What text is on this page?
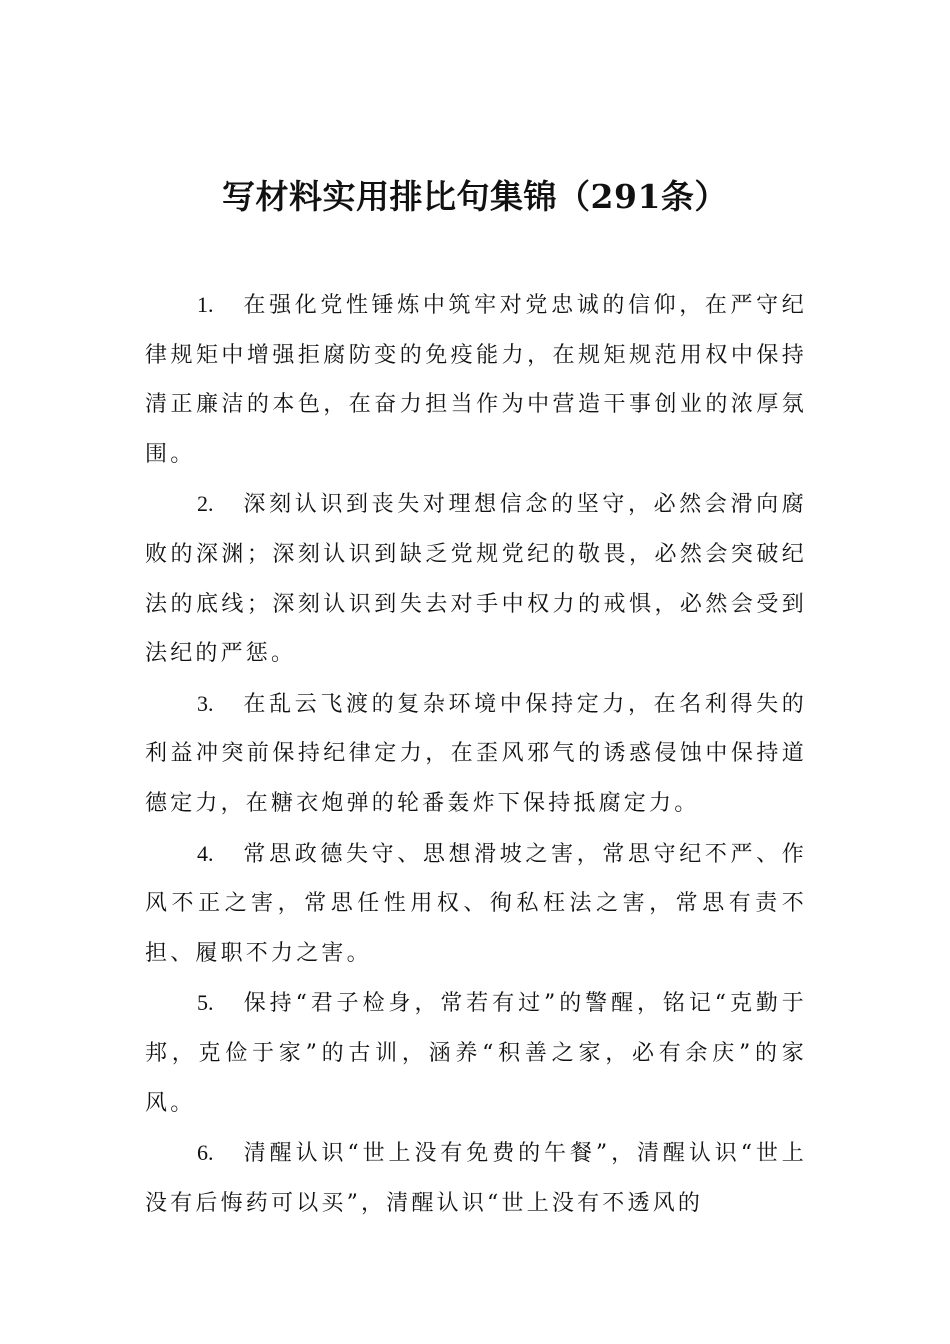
写材料实用排比句集锦（291条）

1. 在强化党性锤炼中筑牢对党忠诚的信仰，在严守纪律规矩中增强拒腐防变的免疫能力，在规矩规范用权中保持清正廉洁的本色，在奋力担当作为中营造干事创业的浓厚氛围。

2. 深刻认识到丧失对理想信念的坚守，必然会滑向腐败的深渊；深刻认识到缺乏党规党纪的敬畏，必然会突破纪法的底线；深刻认识到失去对手中权力的戒惧，必然会受到法纪的严惩。

3. 在乱云飞渡的复杂环境中保持定力，在名利得失的利益冲突前保持纪律定力，在歪风邪气的诱惑侵蚀中保持道德定力，在糖衣炮弹的轮番轰炸下保持抵腐定力。

4. 常思政德失守、思想滑坡之害，常思守纪不严、作风不正之害，常思任性用权、徇私枉法之害，常思有责不担、履职不力之害。

5. 保持“君子检身，常若有过”的警醒，铭记“克勤于邦，克俭于家”的古训，涵养“积善之家，必有余庆”的家风。

6. 清醒认识“世上没有免费的午餐”，清醒认识“世上没有后悔药可以买”，清醒认识“世上没有不透风的
